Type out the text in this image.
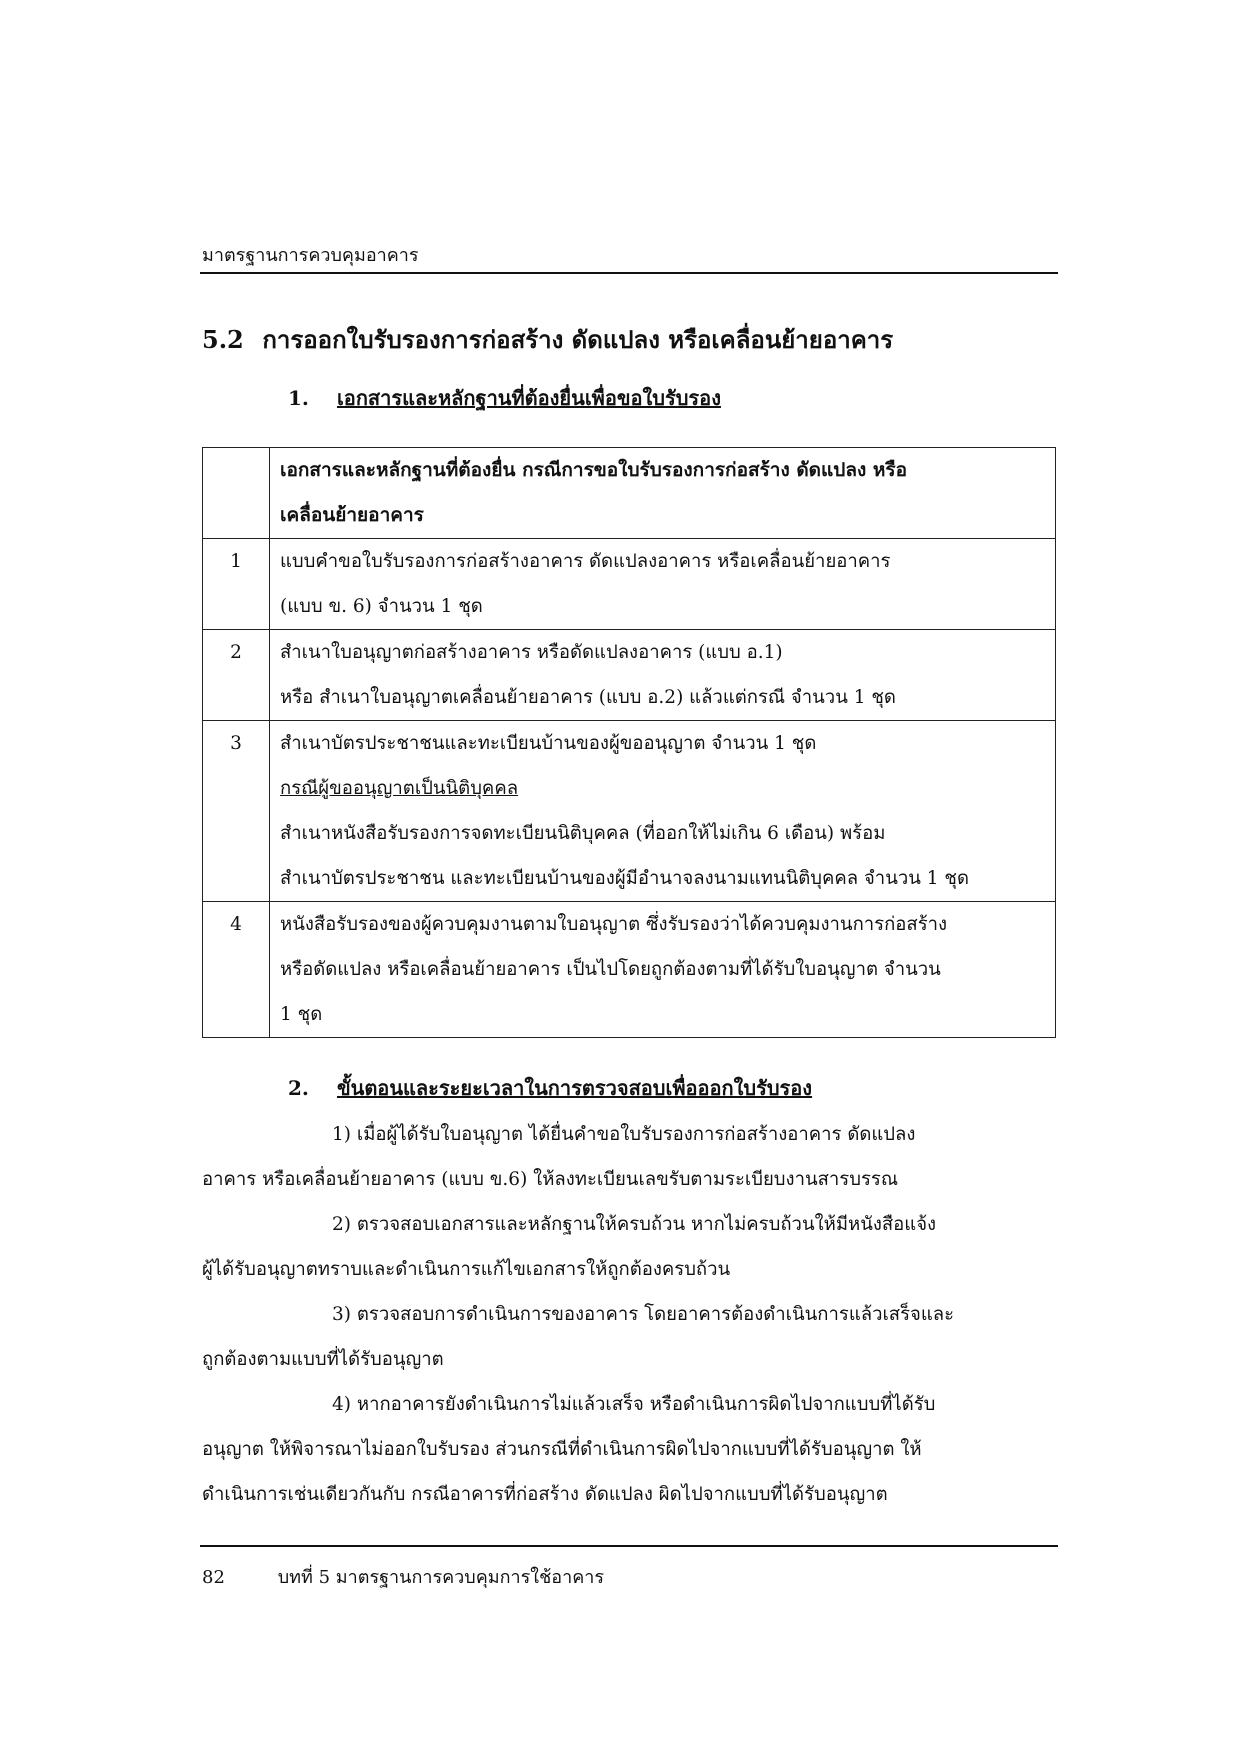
มาตรฐานการควบคุมอาคาร
5.2 การออกใบรับรองการก่อสร้าง ดัดแปลง หรือเคลื่อนย้ายอาคาร
1. เอกสารและหลักฐานที่ต้องยื่นเพื่อขอใบรับรอง

	เอกสารและหลักฐานที่ต้องยื่น กรณีการขอใบรับรองการก่อสร้าง ดัดแปลง หรือ
เคลื่อนย้ายอาคาร

1	แบบคำขอใบรับรองการก่อสร้างอาคาร ดัดแปลงอาคาร หรือเคลื่อนย้ายอาคาร
(แบบ ข. 6) จำนวน 1 ชุด

2	สำเนาใบอนุญาตก่อสร้างอาคาร หรือดัดแปลงอาคาร (แบบ อ.1)
หรือ สำเนาใบอนุญาตเคลื่อนย้ายอาคาร (แบบ อ.2) แล้วแต่กรณี จำนวน 1 ชุด

3	สำเนาบัตรประชาชนและทะเบียนบ้านของผู้ขออนุญาต จำนวน 1 ชุด
กรณีผู้ขออนุญาตเป็นนิติบุคคล
สำเนาหนังสือรับรองการจดทะเบียนนิติบุคคล (ที่ออกให้ไม่เกิน 6 เดือน) พร้อม
สำเนาบัตรประชาชน และทะเบียนบ้านของผู้มีอำนาจลงนามแทนนิติบุคคล จำนวน 1 ชุด

4	หนังสือรับรองของผู้ควบคุมงานตามใบอนุญาต ซึ่งรับรองว่าได้ควบคุมงานการก่อสร้าง
หรือดัดแปลง หรือเคลื่อนย้ายอาคาร เป็นไปโดยถูกต้องตามที่ได้รับใบอนุญาต จำนวน
1 ชุด
2. ขั้นตอนและระยะเวลาในการตรวจสอบเพื่อออกใบรับรอง

1) เมื่อผู้ได้รับใบอนุญาต ได้ยื่นคำขอใบรับรองการก่อสร้างอาคาร ดัดแปลง
อาคาร หรือเคลื่อนย้ายอาคาร (แบบ ข.6) ให้ลงทะเบียนเลขรับตามระเบียบงานสารบรรณ

2) ตรวจสอบเอกสารและหลักฐานให้ครบถ้วน หากไม่ครบถ้วนให้มีหนังสือแจ้ง
ผู้ได้รับอนุญาตทราบและดำเนินการแก้ไขเอกสารให้ถูกต้องครบถ้วน

3) ตรวจสอบการดำเนินการของอาคาร โดยอาคารต้องดำเนินการแล้วเสร็จและ
ถูกต้องตามแบบที่ได้รับอนุญาต

4) หากอาคารยังดำเนินการไม่แล้วเสร็จ หรือดำเนินการผิดไปจากแบบที่ได้รับ
อนุญาต ให้พิจารณาไม่ออกใบรับรอง ส่วนกรณีที่ดำเนินการผิดไปจากแบบที่ได้รับอนุญาต ให้
ดำเนินการเช่นเดียวกันกับ กรณีอาคารที่ก่อสร้าง ดัดแปลง ผิดไปจากแบบที่ได้รับอนุญาต

82	บทที่ 5 มาตรฐานการควบคุมการใช้อาคาร
